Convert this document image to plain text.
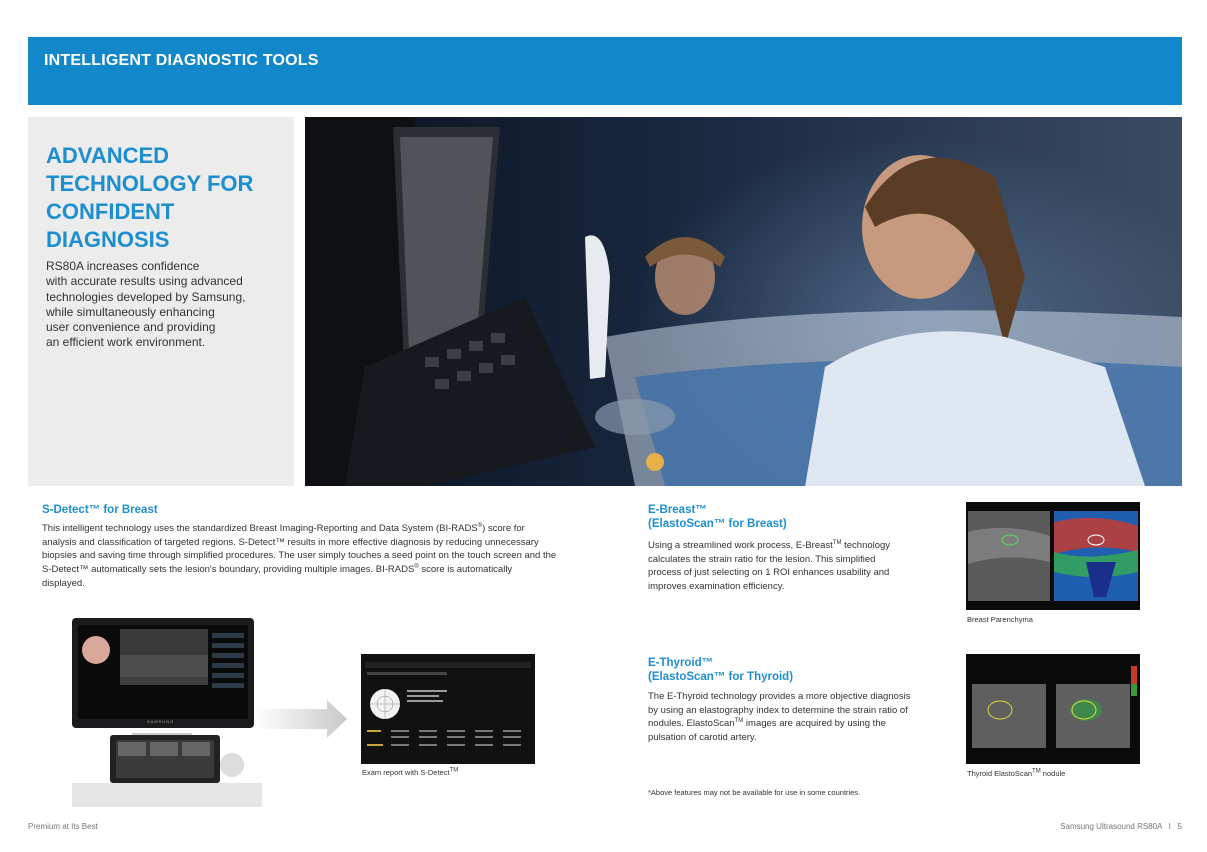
INTELLIGENT DIAGNOSTIC TOOLS
ADVANCED TECHNOLOGY FOR CONFIDENT DIAGNOSIS
RS80A increases confidence
with accurate results using advanced
technologies developed by Samsung,
while simultaneously enhancing
user convenience and providing
an efficient work environment.
S-Detect™ for Breast
This intelligent technology uses the standardized Breast Imaging-Reporting and Data System (BI-RADS®) score for analysis and classification of targeted regions. S-Detect™ results in more effective diagnosis by reducing unnecessary biopsies and saving time through simplified procedures. The user simply touches a seed point on the touch screen and the S-Detect™ automatically sets the lesion's boundary, providing multiple images. BI-RADS® score is automatically displayed.
SAMSUNG
Exam report with S-Detect™
E-Breast™
(ElastoScan™ for Breast)
Using a streamlined work process, E-Breast™ technology calculates the strain ratio for the lesion. This simplified process of just selecting on 1 ROI enhances usability and improves examination efficiency.
Breast Parenchyma
E-Thyroid™
(ElastoScan™ for Thyroid)
The E-Thyroid technology provides a more objective diagnosis by using an elastography index to determine the strain ratio of nodules. ElastoScan™ images are acquired by using the pulsation of carotid artery.
Thyroid ElastoScan™ nodule
*Above features may not be available for use in some countries.
Premium at Its Best	Samsung Ultrasound RS80A   I   5
